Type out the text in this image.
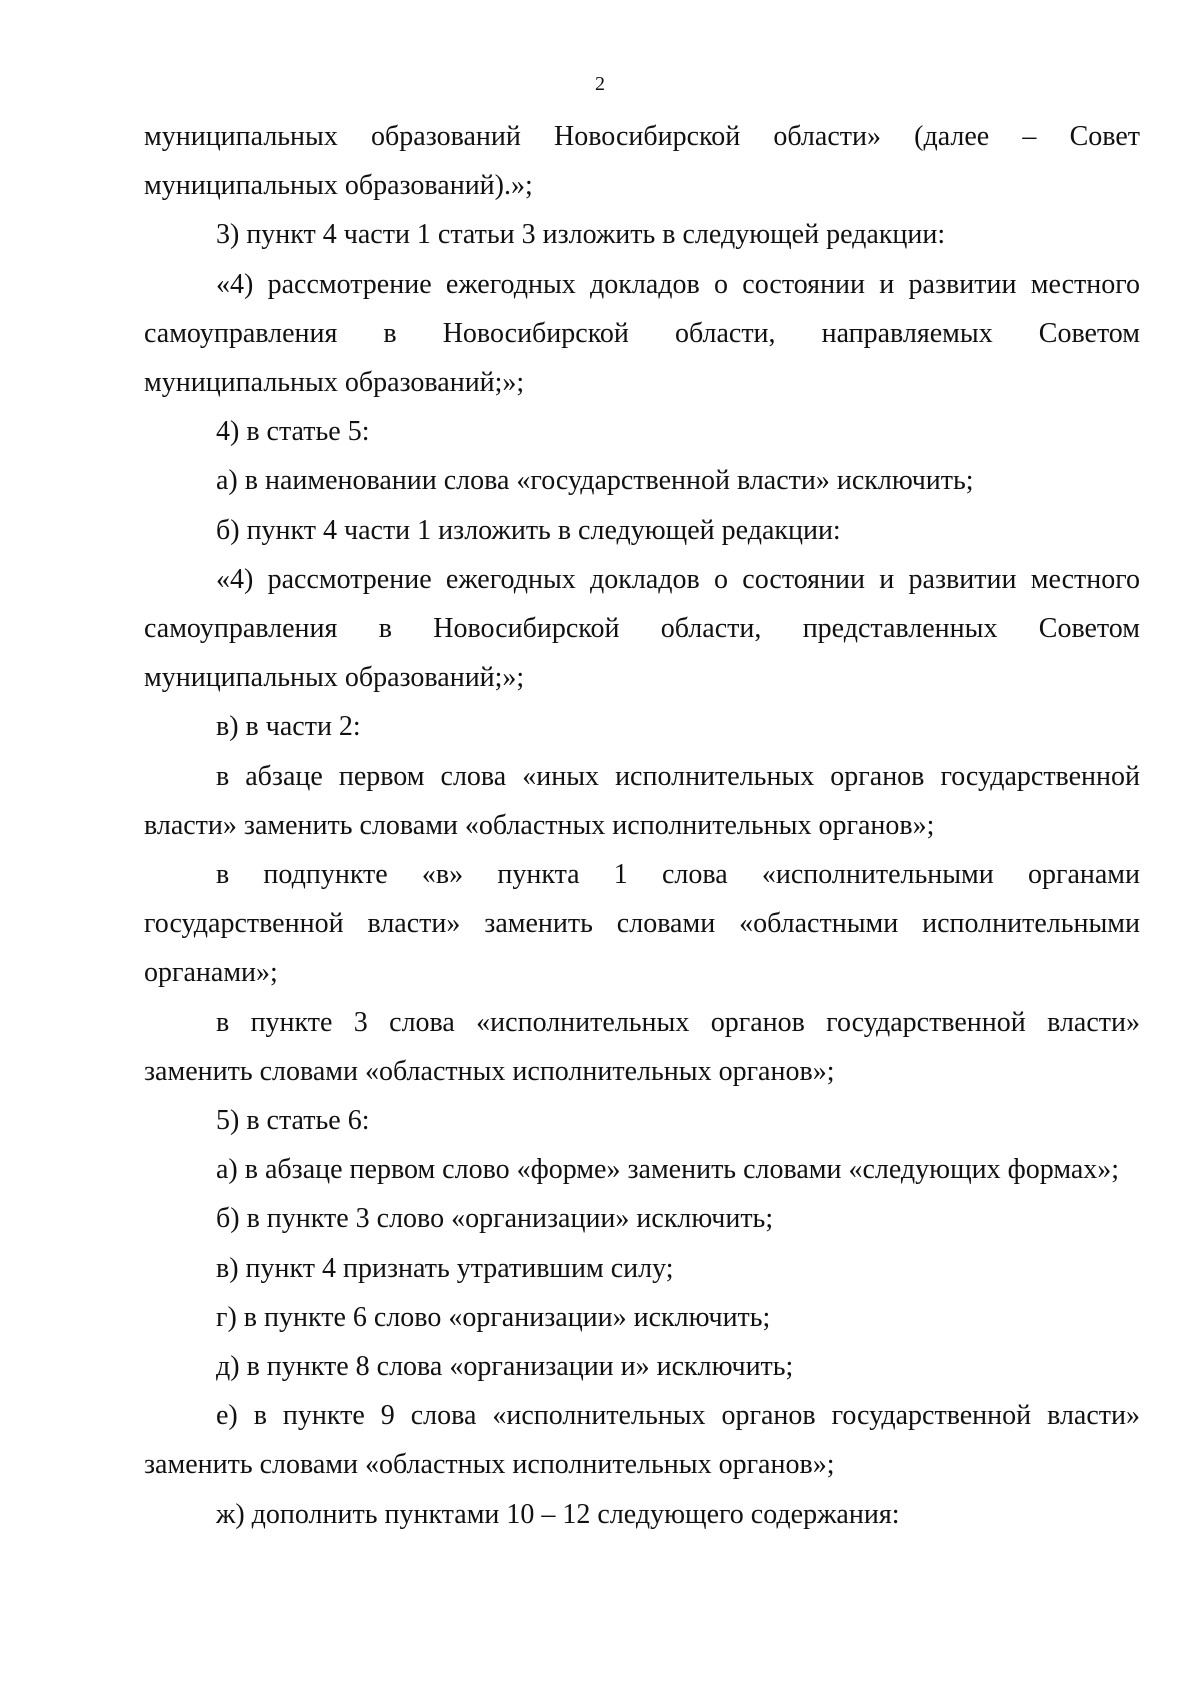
2

муниципальных образований Новосибирской области» (далее – Совет муниципальных образований).»;

3) пункт 4 части 1 статьи 3 изложить в следующей редакции:

«4) рассмотрение ежегодных докладов о состоянии и развитии местного самоуправления в Новосибирской области, направляемых Советом муниципальных образований;»;

4) в статье 5:

а) в наименовании слова «государственной власти» исключить;

б) пункт 4 части 1 изложить в следующей редакции:

«4) рассмотрение ежегодных докладов о состоянии и развитии местного самоуправления в Новосибирской области, представленных Советом муниципальных образований;»;

в) в части 2:

в абзаце первом слова «иных исполнительных органов государственной власти» заменить словами «областных исполнительных органов»;

в подпункте «в» пункта 1 слова «исполнительными органами государственной власти» заменить словами «областными исполнительными органами»;

в пункте 3 слова «исполнительных органов государственной власти» заменить словами «областных исполнительных органов»;

5) в статье 6:

а) в абзаце первом слово «форме» заменить словами «следующих формах»;

б) в пункте 3 слово «организации» исключить;

в) пункт 4 признать утратившим силу;

г) в пункте 6 слово «организации» исключить;

д) в пункте 8 слова «организации и» исключить;

е) в пункте 9 слова «исполнительных органов государственной власти» заменить словами «областных исполнительных органов»;

ж) дополнить пунктами 10 – 12 следующего содержания:
